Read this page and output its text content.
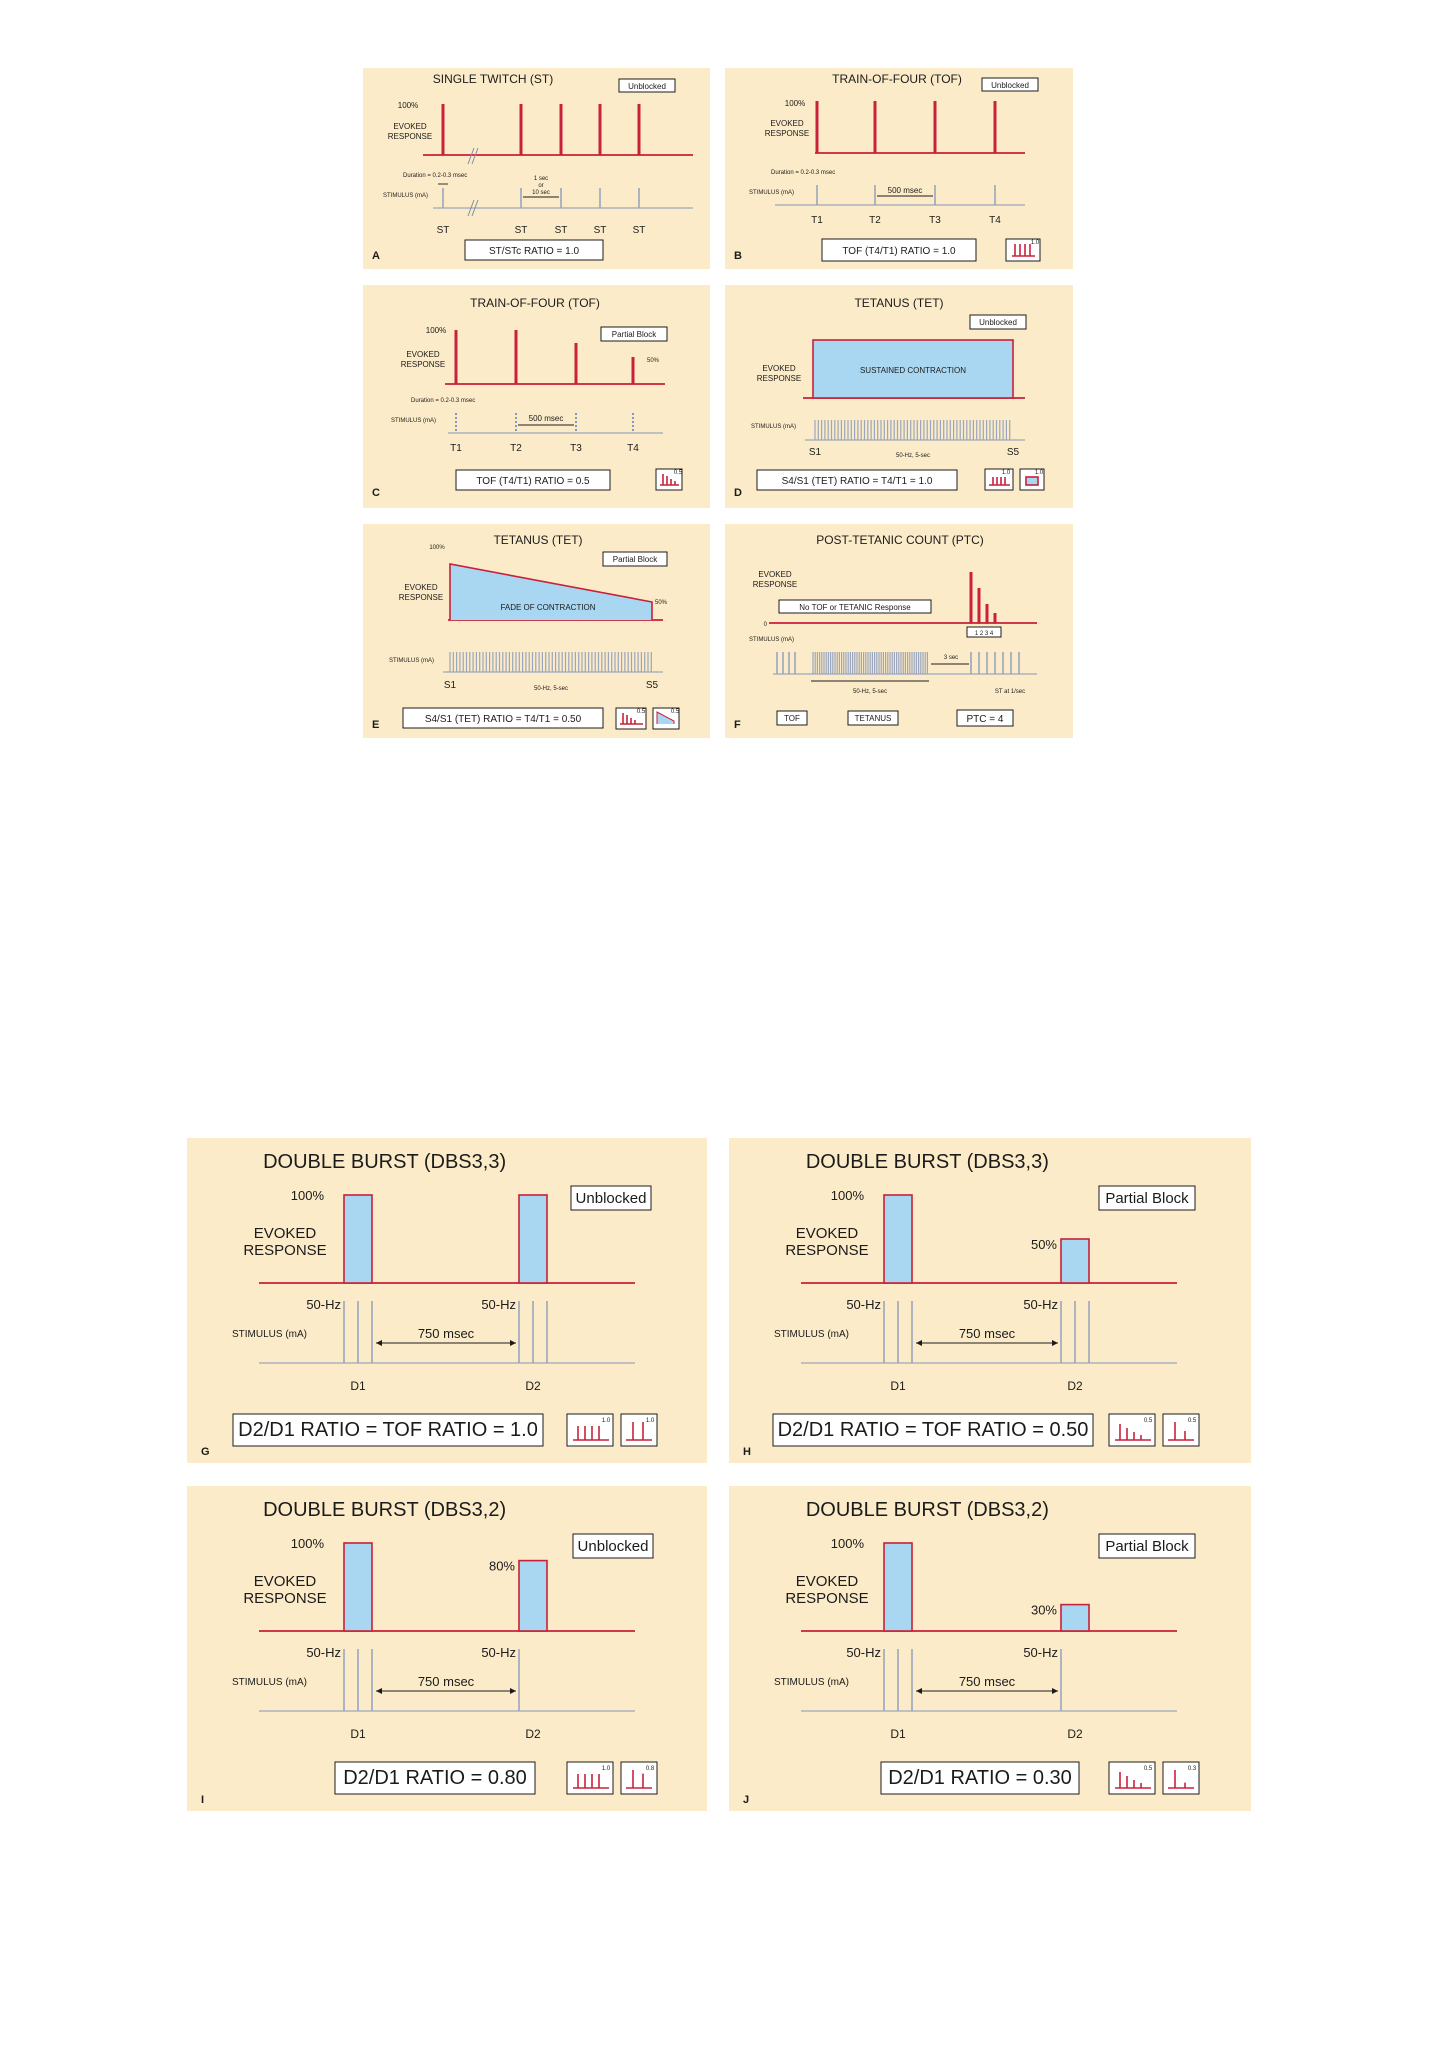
SINGLE TWITCH (ST)
Unblocked
100%
EVOKED
RESPONSE
Duration = 0.2-0.3 msec
STIMULUS (mA)
1 sec
or
10 sec
ST	ST	ST	ST	ST
ST/STc RATIO = 1.0
A
TRAIN-OF-FOUR (TOF)	Unblocked
100%
EVOKED
RESPONSE
Duration = 0.2-0.3 msec
STIMULUS (mA)	500 msec
T1	T2	T3	T4
TOF (T4/T1) RATIO = 1.0
1.0
B
TRAIN-OF-FOUR (TOF)
Partial Block
100%
50%
EVOKED
RESPONSE
Duration = 0.2-0.3 msec
STIMULUS (mA)	500 msec
T1	T2	T3	T4
TOF (T4/T1) RATIO = 0.5
0.5
C
TETANUS (TET)
Unblocked
EVOKED
RESPONSE
SUSTAINED CONTRACTION
STIMULUS (mA)
S1	50-Hz, 5-sec	S5
S4/S1 (TET) RATIO = T4/T1 = 1.0
1.0	1.0
D
TETANUS (TET)
Partial Block
100%
50%
EVOKED
RESPONSE
FADE OF CONTRACTION
STIMULUS (mA)
S1	50-Hz, 5-sec	S5
S4/S1 (TET) RATIO = T4/T1 = 0.50
0.5	0.5
E
POST-TETANIC COUNT (PTC)
EVOKED
RESPONSE
No TOF or TETANIC Response
0
1 2 3 4
STIMULUS (mA)
3 sec
50-Hz, 5-sec	ST at 1/sec
TOF	TETANUS	PTC = 4
F
DOUBLE BURST (DBS3,3)
Unblocked
100%
EVOKED
RESPONSE
50-Hz	50-Hz
STIMULUS (mA)	750 msec
D1	D2
D2/D1 RATIO = TOF RATIO = 1.0	1.0	1.0
G
DOUBLE BURST (DBS3,3)
Partial Block
100%
EVOKED
RESPONSE	50%
50-Hz	50-Hz
STIMULUS (mA)	750 msec
D1	D2
D2/D1 RATIO = TOF RATIO = 0.50	0.5	0.5
H
DOUBLE BURST (DBS3,2)
Unblocked
100%
EVOKED
RESPONSE
80%
50-Hz	50-Hz
STIMULUS (mA)	750 msec
D1	D2
D2/D1 RATIO = 0.80	1.0	0.8
I
DOUBLE BURST (DBS3,2)
Partial Block
100%
EVOKED
RESPONSE
30%
50-Hz	50-Hz
STIMULUS (mA)	750 msec
D1	D2
D2/D1 RATIO = 0.30	0.5	0.3
J
